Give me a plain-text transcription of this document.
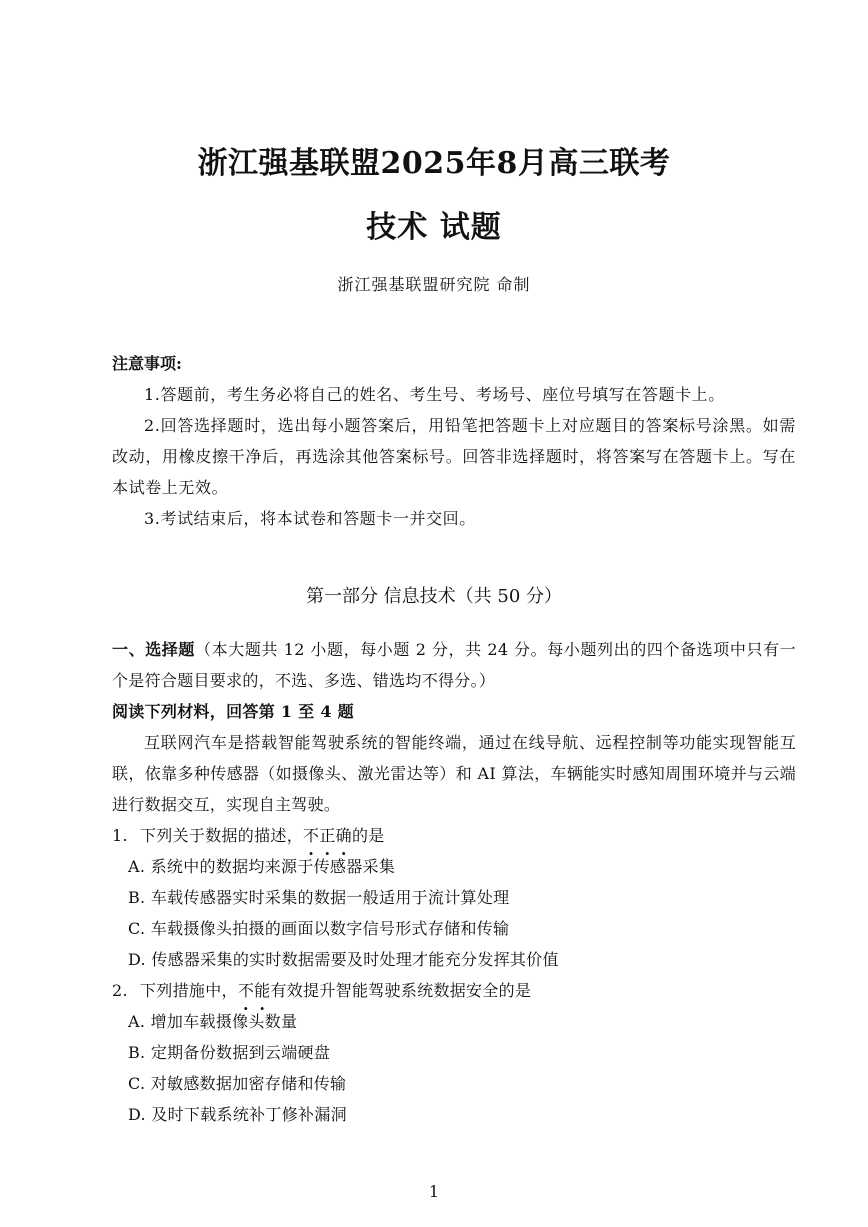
浙江强基联盟2025年8月高三联考
技术 试题
浙江强基联盟研究院 命制
注意事项:

1.答题前，考生务必将自己的姓名、考生号、考场号、座位号填写在答题卡上。

2.回答选择题时，选出每小题答案后，用铅笔把答题卡上对应题目的答案标号涂黑。如需改动，用橡皮擦干净后，再选涂其他答案标号。回答非选择题时，将答案写在答题卡上。写在本试卷上无效。

3.考试结束后，将本试卷和答题卡一并交回。

第一部分 信息技术（共 50 分）

一、选择题（本大题共 12 小题，每小题 2 分，共 24 分。每小题列出的四个备选项中只有一个是符合题目要求的，不选、多选、错选均不得分。）

阅读下列材料，回答第 1 至 4 题

互联网汽车是搭载智能驾驶系统的智能终端，通过在线导航、远程控制等功能实现智能互联，依靠多种传感器（如摄像头、激光雷达等）和 AI 算法，车辆能实时感知周围环境并与云端进行数据交互，实现自主驾驶。

1. 下列关于数据的描述，不正确的是

A. 系统中的数据均来源于传感器采集

B. 车载传感器实时采集的数据一般适用于流计算处理

C. 车载摄像头拍摄的画面以数字信号形式存储和传输

D. 传感器采集的实时数据需要及时处理才能充分发挥其价值

2. 下列措施中，不能有效提升智能驾驶系统数据安全的是

A. 增加车载摄像头数量

B. 定期备份数据到云端硬盘

C. 对敏感数据加密存储和传输

D. 及时下载系统补丁修补漏洞

1
